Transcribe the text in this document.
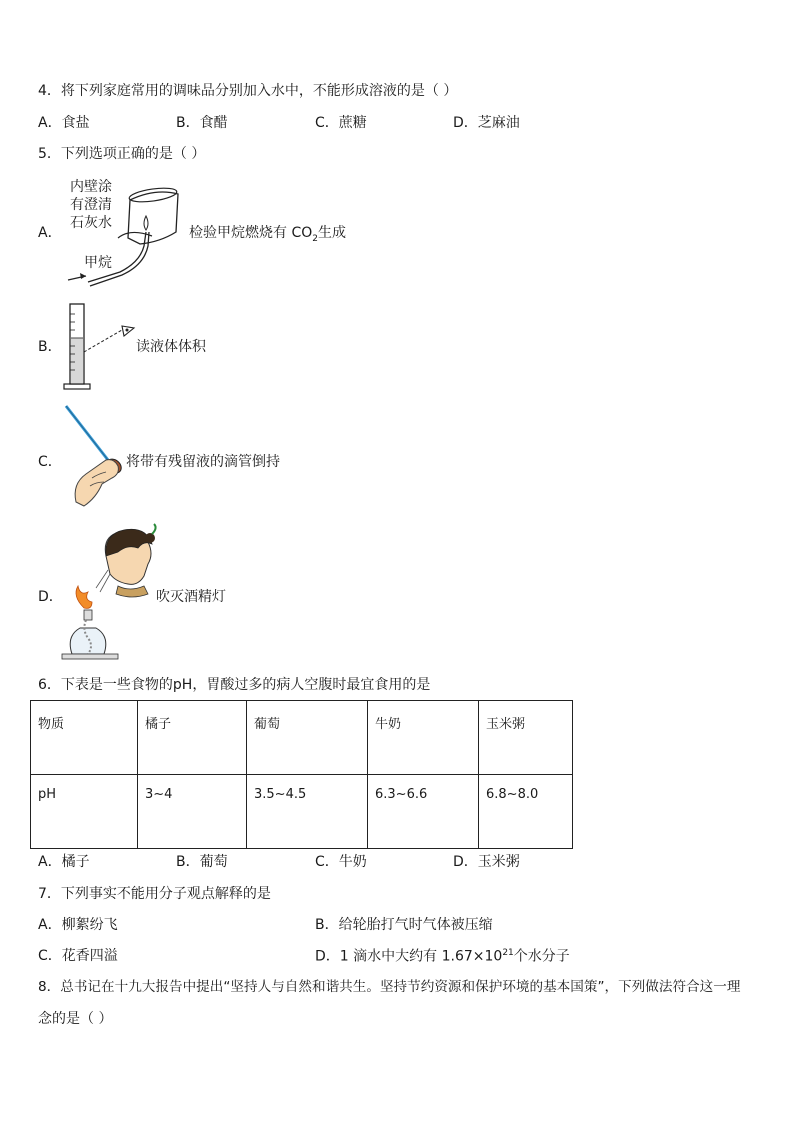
4．将下列家庭常用的调味品分别加入水中，不能形成溶液的是（ ）
A．食盐	B．食醋	C．蔗糖	D．芝麻油
5．下列选项正确的是（ ）
A．
内壁涂
有澄清
石灰水
甲烷
检验甲烷燃烧有 $CO_2$生成
B．	读液体体积
C．	将带有残留液的滴管倒持
D．	吹灭酒精灯
6．下表是一些食物的pH，胃酸过多的病人空腹时最宜食用的是
物质	橘子	葡萄	牛奶	玉米粥
pH	3~4	3.5~4.5	6.3~6.6	6.8~8.0
A．橘子	B．葡萄	C．牛奶	D．玉米粥
7．下列事实不能用分子观点解释的是
A．柳絮纷飞	B．给轮胎打气时气体被压缩
C．花香四溢	D．1 滴水中大约有 $1.67\times 10^{21}$个水分子
8．总书记在十九大报告中提出“坚持人与自然和谐共生。坚持节约资源和保护环境的基本国策”，下列做法符合这一理
念的是（ ）
